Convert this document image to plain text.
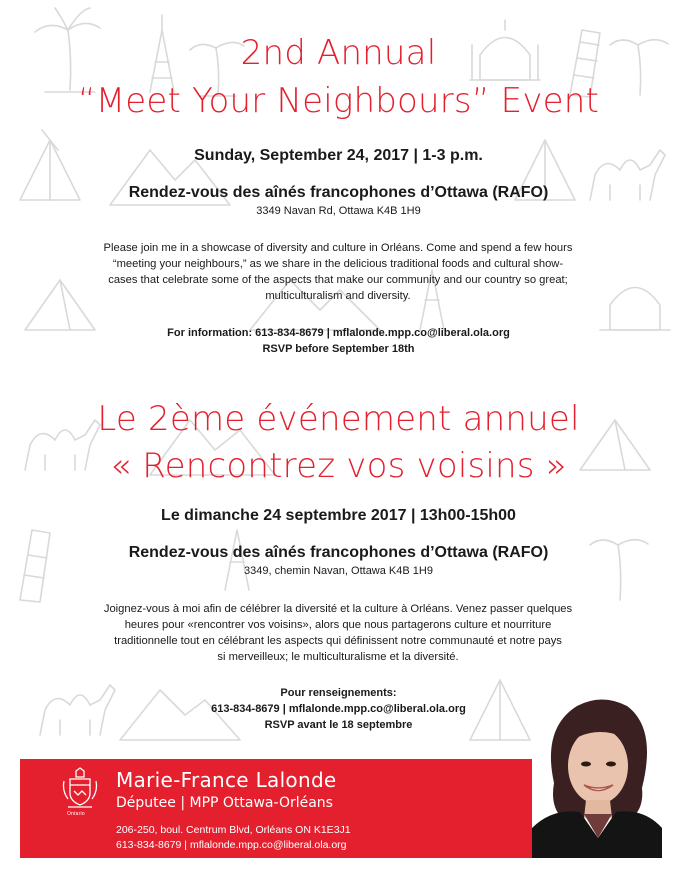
2nd Annual
“Meet Your Neighbours” Event

Sunday, September 24, 2017 | 1-3 p.m.

Rendez-vous des aînés francophones d’Ottawa (RAFO)

3349 Navan Rd, Ottawa K4B 1H9

Please join me in a showcase of diversity and culture in Orléans. Come and spend a few hours

“meeting your neighbours,” as we share in the delicious traditional foods and cultural show-

cases that celebrate some of the aspects that make our community and our country so great;

multiculturalism and diversity.

For information: 613-834-8679 | mflalonde.mpp.co@liberal.ola.org

RSVP before September 18th

Le 2ème événement annuel
« Rencontrez vos voisins »

Le dimanche 24 septembre 2017 | 13h00-15h00

Rendez-vous des aînés francophones d’Ottawa (RAFO)

3349, chemin Navan, Ottawa K4B 1H9

Joignez-vous à moi afin de célébrer la diversité et la culture à Orléans. Venez passer quelques

heures pour «rencontrer vos voisins», alors que nous partagerons culture et nourriture

traditionnelle tout en célébrant les aspects qui définissent notre communauté et notre pays

si merveilleux; le multiculturalisme et la diversité.

Pour renseignements:

613-834-8679 | mflalonde.mpp.co@liberal.ola.org

RSVP avant le 18 septembre

Ontario

Marie-France Lalonde

Députee | MPP Ottawa-Orléans

206-250, boul. Centrum Blvd, Orléans ON K1E3J1

613-834-8679 | mflalonde.mpp.co@liberal.ola.org
